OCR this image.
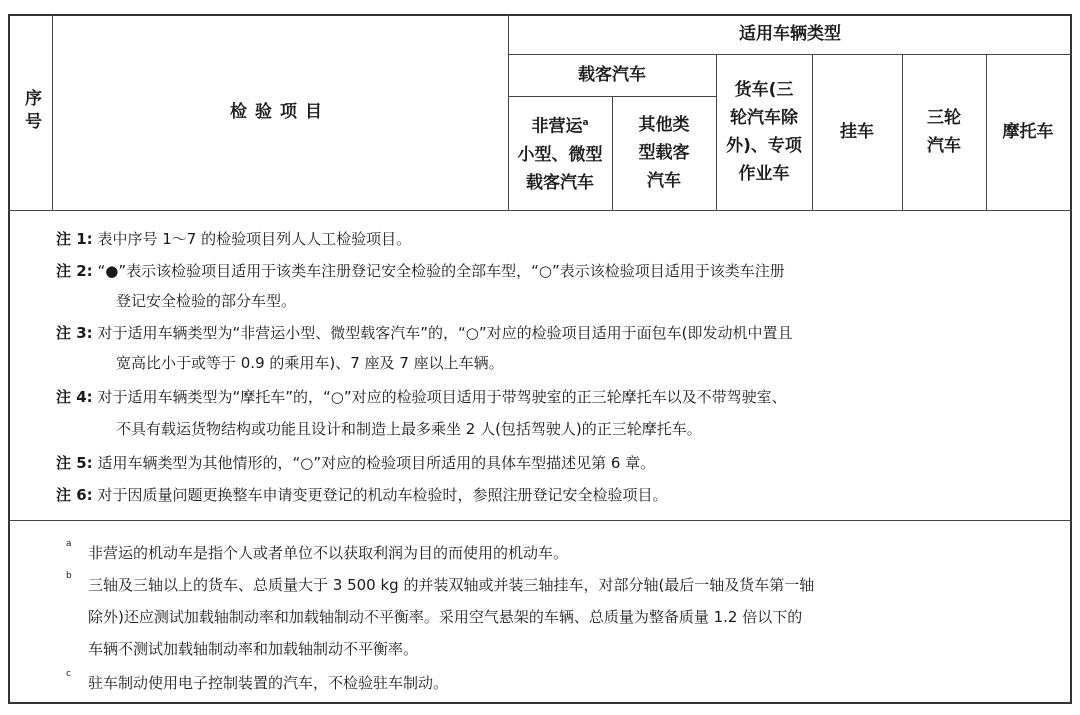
序号	检验项目
适用车辆类型
载客汽车
非营运$^a$
小型、微型
载客汽车
其他类
型载客
汽车
货车(三
轮汽车除
外)、专项
作业车
挂车
三轮
汽车
摩托车
注 1: 表中序号 1～7 的检验项目列人人工检验项目。
注 2: “●”表示该检验项目适用于该类车注册登记安全检验的全部车型，“○”表示该检验项目适用于该类车注册
登记安全检验的部分车型。
注 3: 对于适用车辆类型为“非营运小型、微型载客汽车”的，“○”对应的检验项目适用于面包车(即发动机中置且
宽高比小于或等于 0.9 的乘用车)、7 座及 7 座以上车辆。
注 4: 对于适用车辆类型为“摩托车”的，“○”对应的检验项目适用于带驾驶室的正三轮摩托车以及不带驾驶室、
不具有载运货物结构或功能且设计和制造上最多乘坐 2 人(包括驾驶人)的正三轮摩托车。
注 5: 适用车辆类型为其他情形的，“○”对应的检验项目所适用的具体车型描述见第 6 章。
注 6: 对于因质量问题更换整车申请变更登记的机动车检验时，参照注册登记安全检验项目。
a 非营运的机动车是指个人或者单位不以获取利润为目的而使用的机动车。
b 三轴及三轴以上的货车、总质量大于 3 500 kg 的并装双轴或并装三轴挂车，对部分轴(最后一轴及货车第一轴
除外)还应测试加载轴制动率和加载轴制动不平衡率。采用空气悬架的车辆、总质量为整备质量 1.2 倍以下的
车辆不测试加载轴制动率和加载轴制动不平衡率。
c 驻车制动使用电子控制装置的汽车，不检验驻车制动。
